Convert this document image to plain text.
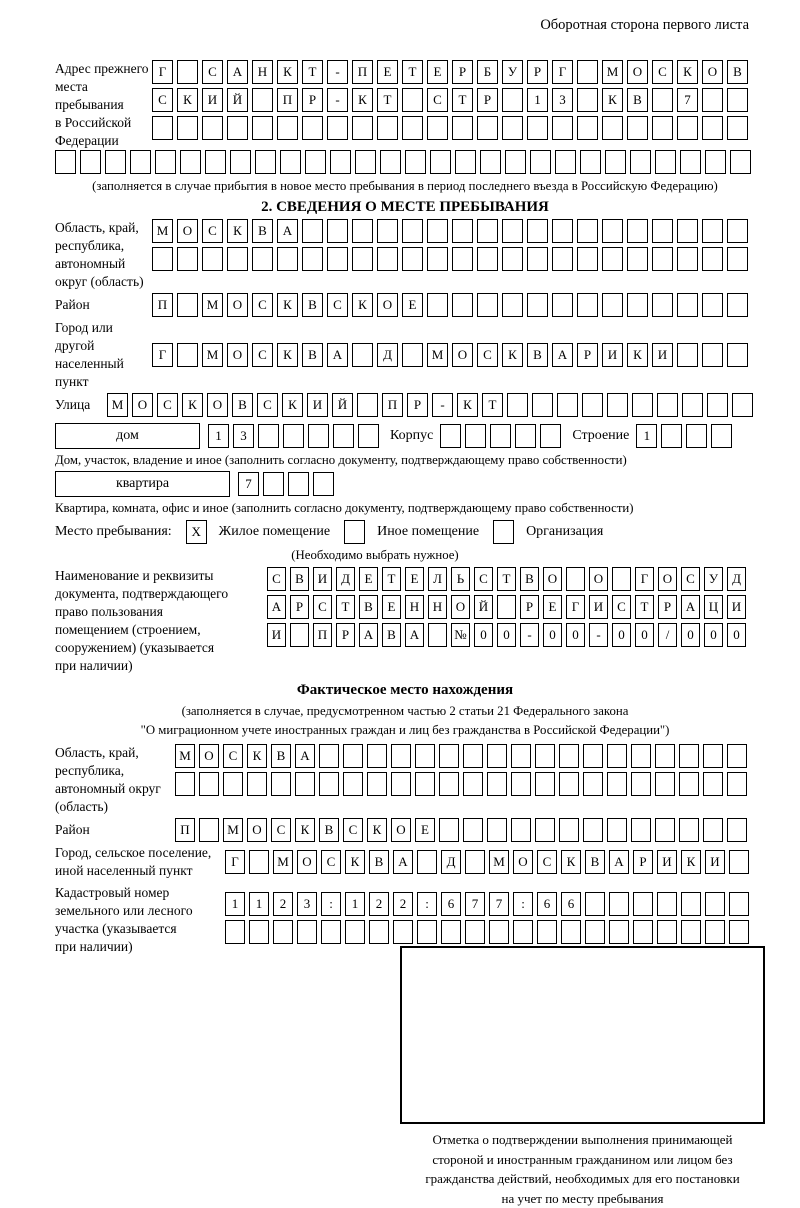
Оборотная сторона первого листа
Адрес прежнего
места пребывания
в Российской
Федерации
Г	С	А	Н	К	Т	-	П	Е	Т	Е	Р	Б	У	Р	Г	М	О	С	К	О	В
С	К	И	Й	П	Р	-	К	Т	С	Т	Р	1	3	К	В	7
(заполняется в случае прибытия в новое место пребывания в период последнего въезда в Российскую Федерацию)
2. СВЕДЕНИЯ О МЕСТЕ ПРЕБЫВАНИЯ
Область, край,
республика,
автономный
округ (область)
М	О	С	К	В	А
Район	П	М	О	С	К	В	С	К	О	Е
Город или другой
населенный пункт
Г	М	О	С	К	В	А	Д	М	О	С	К	В	А	Р	И	К	И
Улица	М	О	С	К	О	В	С	К	И	Й	П	Р	-	К	Т
дом	1	3	Корпус	Строение	1
Дом, участок, владение и иное (заполнить согласно документу, подтверждающему право собственности)
квартира	7
Квартира, комната, офис и иное (заполнить согласно документу, подтверждающему право собственности)
Место пребывания:	X	Жилое помещение	Иное помещение	Организация
(Необходимо выбрать нужное)
Наименование и реквизиты
документа, подтверждающего
право пользования
помещением (строением,
сооружением) (указывается
при наличии)
С	В	И	Д	Е	Т	Е	Л	Ь	С	Т	В	О	О	Г	О	С	У	Д
А	Р	С	Т	В	Е	Н	Н	О	Й	Р	Е	Г	И	С	Т	Р	А	Ц	И
И	П	Р	А	В	А	№	0	0	-	0	0	-	0	0	/	0	0	0
Фактическое место нахождения
(заполняется в случае, предусмотренном частью 2 статьи 21 Федерального закона
"О миграционном учете иностранных граждан и лиц без гражданства в Российской Федерации")
Область, край,
республика,
автономный округ
(область)
М	О	С	К	В	А
Район	П	М	О	С	К	В	С	К	О	Е
Город, сельское поселение,
иной населенный пункт
Г	М	О	С	К	В	А	Д	М	О	С	К	В	А	Р	И	К	И
Кадастровый номер
земельного или лесного
участка (указывается
при наличии)
1	1	2	3	:	1	2	2	:	6	7	7	:	6	6
Отметка о подтверждении выполнения принимающей
стороной и иностранным гражданином или лицом без
гражданства действий, необходимых для его постановки
на учет по месту пребывания
